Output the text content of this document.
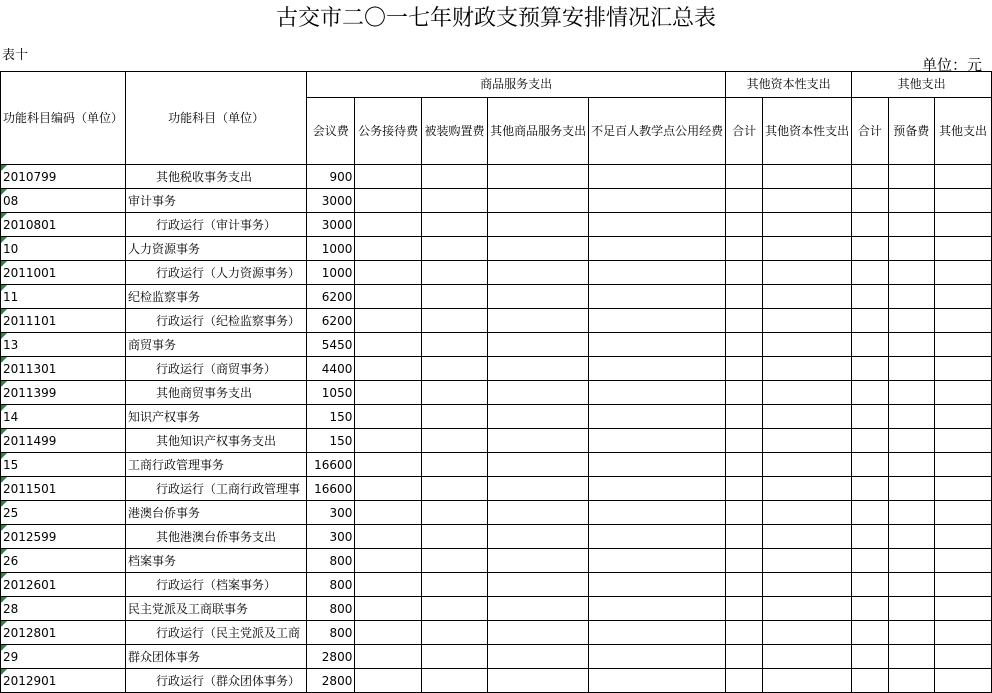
古交市二〇一七年财政支预算安排情况汇总表
表十
单位：元
功能科目编码（单位）	功能科目（单位）	商品服务支出					其他资本性支出		其他支出		
		会议费	公务接待费	被装购置费	其他商品服务支出	不足百人教学点公用经费	合计	其他资本性支出	合计	预备费	其他支出
2010799	其他税收事务支出	900									
08	审计事务	3000									
2010801	行政运行（审计事务）	3000									
10	人力资源事务	1000									
2011001	行政运行（人力资源事务）	1000									
11	纪检监察事务	6200									
2011101	行政运行（纪检监察事务）	6200									
13	商贸事务	5450									
2011301	行政运行（商贸事务）	4400									
2011399	其他商贸事务支出	1050									
14	知识产权事务	150									
2011499	其他知识产权事务支出	150									
15	工商行政管理事务	16600									
2011501	行政运行（工商行政管理事	16600									
25	港澳台侨事务	300									
2012599	其他港澳台侨事务支出	300									
26	档案事务	800									
2012601	行政运行（档案事务）	800									
28	民主党派及工商联事务	800									
2012801	行政运行（民主党派及工商	800									
29	群众团体事务	2800									
2012901	行政运行（群众团体事务）	2800									
